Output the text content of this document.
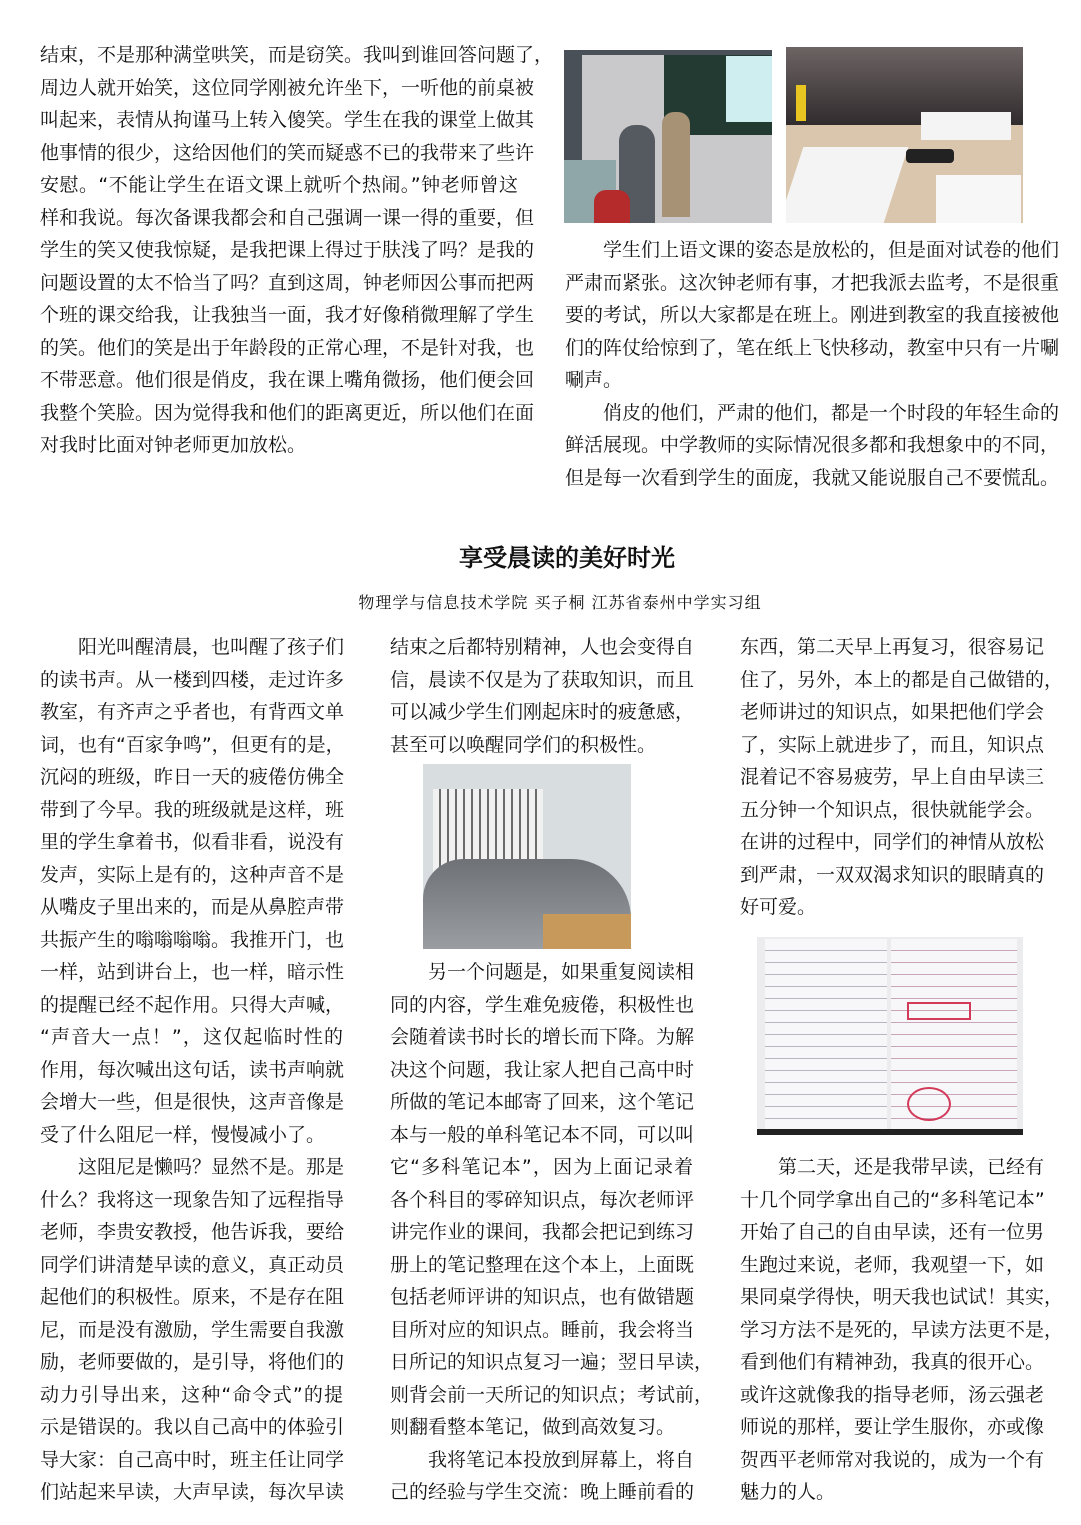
结束，不是那种满堂哄笑，而是窃笑。我叫到谁回答问题了，
周边人就开始笑，这位同学刚被允许坐下，一听他的前桌被
叫起来，表情从拘谨马上转入傻笑。学生在我的课堂上做其
他事情的很少，这给因他们的笑而疑惑不已的我带来了些许
安慰。“不能让学生在语文课上就听个热闹。”钟老师曾这
样和我说。每次备课我都会和自己强调一课一得的重要，但
学生的笑又使我惊疑，是我把课上得过于肤浅了吗？是我的
问题设置的太不恰当了吗？直到这周，钟老师因公事而把两
个班的课交给我，让我独当一面，我才好像稍微理解了学生
的笑。他们的笑是出于年龄段的正常心理，不是针对我，也
不带恶意。他们很是俏皮，我在课上嘴角微扬，他们便会回
我整个笑脸。因为觉得我和他们的距离更近，所以他们在面
对我时比面对钟老师更加放松。
学生们上语文课的姿态是放松的，但是面对试卷的他们
严肃而紧张。这次钟老师有事，才把我派去监考，不是很重
要的考试，所以大家都是在班上。刚进到教室的我直接被他
们的阵仗给惊到了，笔在纸上飞快移动，教室中只有一片唰
唰声。
俏皮的他们，严肃的他们，都是一个时段的年轻生命的
鲜活展现。中学教师的实际情况很多都和我想象中的不同，
但是每一次看到学生的面庞，我就又能说服自己不要慌乱。
享受晨读的美好时光
物理学与信息技术学院 买子桐 江苏省泰州中学实习组
阳光叫醒清晨，也叫醒了孩子们
的读书声。从一楼到四楼，走过许多
教室，有齐声之乎者也，有背西文单
词，也有“百家争鸣”，但更有的是，
沉闷的班级，昨日一天的疲倦仿佛全
带到了今早。我的班级就是这样，班
里的学生拿着书，似看非看，说没有
发声，实际上是有的，这种声音不是
从嘴皮子里出来的，而是从鼻腔声带
共振产生的嗡嗡嗡嗡。我推开门，也
一样，站到讲台上，也一样，暗示性
的提醒已经不起作用。只得大声喊，
“声音大一点！”，这仅起临时性的
作用，每次喊出这句话，读书声响就
会增大一些，但是很快，这声音像是
受了什么阻尼一样，慢慢减小了。
这阻尼是懒吗？显然不是。那是
什么？我将这一现象告知了远程指导
老师，李贵安教授，他告诉我，要给
同学们讲清楚早读的意义，真正动员
起他们的积极性。原来，不是存在阻
尼，而是没有激励，学生需要自我激
励，老师要做的，是引导，将他们的
动力引导出来，这种“命令式”的提
示是错误的。我以自己高中的体验引
导大家：自己高中时，班主任让同学
们站起来早读，大声早读，每次早读
结束之后都特别精神，人也会变得自
信，晨读不仅是为了获取知识，而且
可以减少学生们刚起床时的疲惫感，
甚至可以唤醒同学们的积极性。
另一个问题是，如果重复阅读相
同的内容，学生难免疲倦，积极性也
会随着读书时长的增长而下降。为解
决这个问题，我让家人把自己高中时
所做的笔记本邮寄了回来，这个笔记
本与一般的单科笔记本不同，可以叫
它“多科笔记本”，因为上面记录着
各个科目的零碎知识点，每次老师评
讲完作业的课间，我都会把记到练习
册上的笔记整理在这个本上，上面既
包括老师评讲的知识点，也有做错题
目所对应的知识点。睡前，我会将当
日所记的知识点复习一遍；翌日早读，
则背会前一天所记的知识点；考试前，
则翻看整本笔记，做到高效复习。
我将笔记本投放到屏幕上，将自
己的经验与学生交流：晚上睡前看的
东西，第二天早上再复习，很容易记
住了，另外，本上的都是自己做错的，
老师讲过的知识点，如果把他们学会
了，实际上就进步了，而且，知识点
混着记不容易疲劳，早上自由早读三
五分钟一个知识点，很快就能学会。
在讲的过程中，同学们的神情从放松
到严肃，一双双渴求知识的眼睛真的
好可爱。
第二天，还是我带早读，已经有
十几个同学拿出自己的“多科笔记本”
开始了自己的自由早读，还有一位男
生跑过来说，老师，我观望一下，如
果同桌学得快，明天我也试试！其实，
学习方法不是死的，早读方法更不是，
看到他们有精神劲，我真的很开心。
或许这就像我的指导老师，汤云强老
师说的那样，要让学生服你，亦或像
贺西平老师常对我说的，成为一个有
魅力的人。
